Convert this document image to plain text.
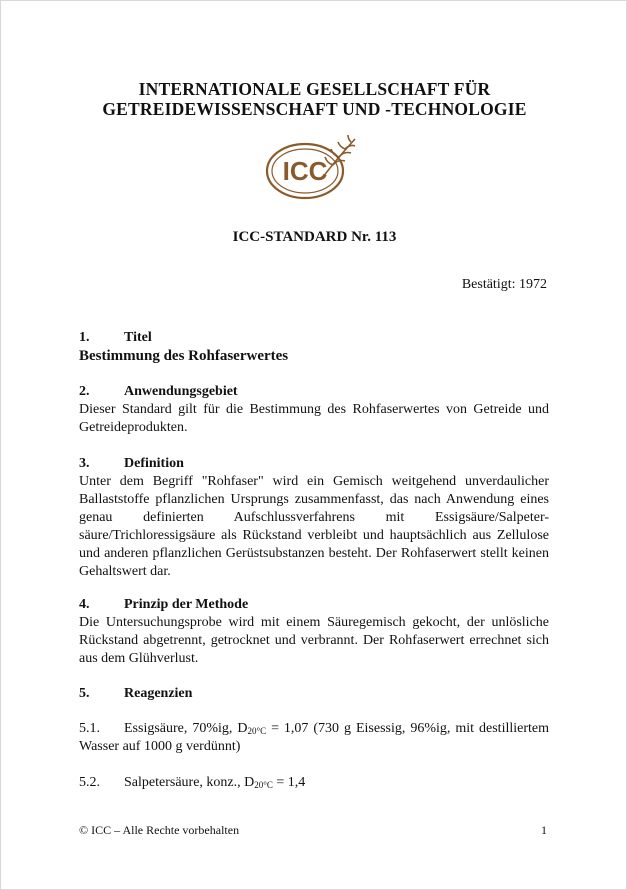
INTERNATIONALE GESELLSCHAFT FÜR
GETREIDEWISSENSCHAFT UND -TECHNOLOGIE
ICC
ICC-STANDARD Nr. 113
Bestätigt: 1972
1. Titel
Bestimmung des Rohfaserwertes
2. Anwendungsgebiet
Dieser Standard gilt für die Bestimmung des Rohfaserwertes von Getreide und Getreideprodukten.
3. Definition
Unter dem Begriff "Rohfaser" wird ein Gemisch weitgehend unverdaulicher Ballaststoffe pflanzlichen Ursprungs zusammenfasst, das nach Anwendung eines genau definierten Aufschlussverfahrens mit Essigsäure/Salpeter-säure/Trichloressigsäure als Rückstand verbleibt und hauptsächlich aus Zellulose und anderen pflanzlichen Gerüstsubstanzen besteht. Der Rohfaserwert stellt keinen Gehaltswert dar.
4. Prinzip der Methode
Die Untersuchungsprobe wird mit einem Säuregemisch gekocht, der unlösliche Rückstand abgetrennt, getrocknet und verbrannt. Der Rohfaserwert errechnet sich aus dem Glühverlust.
5. Reagenzien
5.1. Essigsäure, 70%ig, $D_{20^\circ C} = 1,07$ (730 g Eisessig, 96%ig, mit destilliertem Wasser auf 1000 g verdünnt)
5.2. Salpetersäure, konz., $D_{20^\circ C} = 1,4$
© ICC – Alle Rechte vorbehalten	1
